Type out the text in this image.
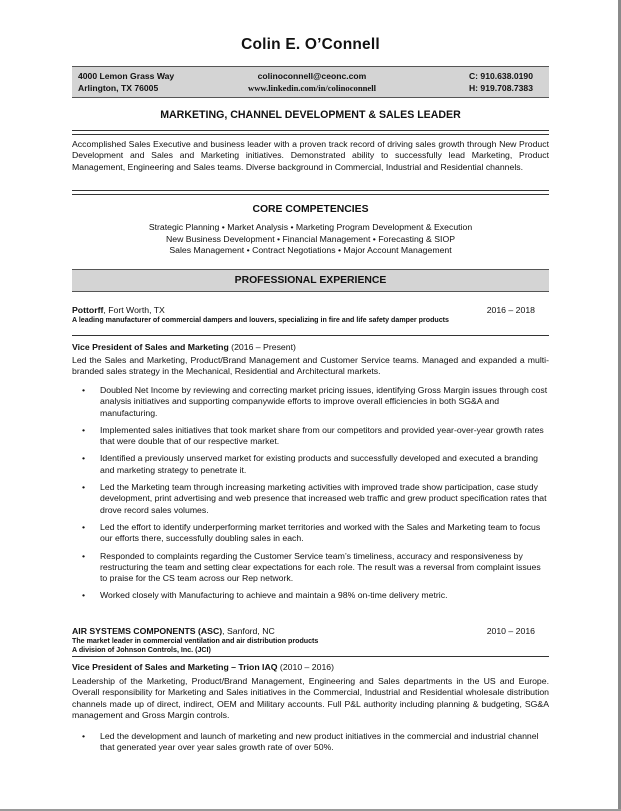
Colin E. O’Connell
4000 Lemon Grass Way
Arlington, TX 76005
colinoconnell@ceonc.com
www.linkedin.com/in/colinoconnell
C: 910.638.0190
H: 919.708.7383
MARKETING, CHANNEL DEVELOPMENT & SALES LEADER
Accomplished Sales Executive and business leader with a proven track record of driving sales growth through New Product Development and Sales and Marketing initiatives. Demonstrated ability to successfully lead Marketing, Product Management, Engineering and Sales teams. Diverse background in Commercial, Industrial and Residential channels.
CORE COMPETENCIES
Strategic Planning • Market Analysis • Marketing Program Development & Execution
New Business Development • Financial Management • Forecasting & SIOP
Sales Management • Contract Negotiations • Major Account Management
PROFESSIONAL EXPERIENCE
Pottorff, Fort Worth, TX	2016 – 2018
A leading manufacturer of commercial dampers and louvers, specializing in fire and life safety damper products
Vice President of Sales and Marketing (2016 – Present)
Led the Sales and Marketing, Product/Brand Management and Customer Service teams. Managed and expanded a multi-branded sales strategy in the Mechanical, Residential and Architectural markets.
• Doubled Net Income by reviewing and correcting market pricing issues, identifying Gross Margin issues through cost analysis initiatives and supporting companywide efforts to improve overall efficiencies in both SG&A and manufacturing.
• Implemented sales initiatives that took market share from our competitors and provided year-over-year growth rates that were double that of our respective market.
• Identified a previously unserved market for existing products and successfully developed and executed a branding and marketing strategy to penetrate it.
• Led the Marketing team through increasing marketing activities with improved trade show participation, case study development, print advertising and web presence that increased web traffic and grew product specification rates that drove record sales volumes.
• Led the effort to identify underperforming market territories and worked with the Sales and Marketing team to focus our efforts there, successfully doubling sales in each.
• Responded to complaints regarding the Customer Service team’s timeliness, accuracy and responsiveness by restructuring the team and setting clear expectations for each role. The result was a reversal from complaint issues to praise for the CS team across our Rep network.
• Worked closely with Manufacturing to achieve and maintain a 98% on-time delivery metric.
AIR SYSTEMS COMPONENTS (ASC), Sanford, NC	2010 – 2016
The market leader in commercial ventilation and air distribution products
A division of Johnson Controls, Inc. (JCI)
Vice President of Sales and Marketing – Trion IAQ (2010 – 2016)
Leadership of the Marketing, Product/Brand Management, Engineering and Sales departments in the US and Europe. Overall responsibility for Marketing and Sales initiatives in the Commercial, Industrial and Residential wholesale distribution channels made up of direct, indirect, OEM and Military accounts. Full P&L authority including planning & budgeting, SG&A management and Gross Margin controls.
• Led the development and launch of marketing and new product initiatives in the commercial and industrial channel that generated year over year sales growth rate of over 50%.
